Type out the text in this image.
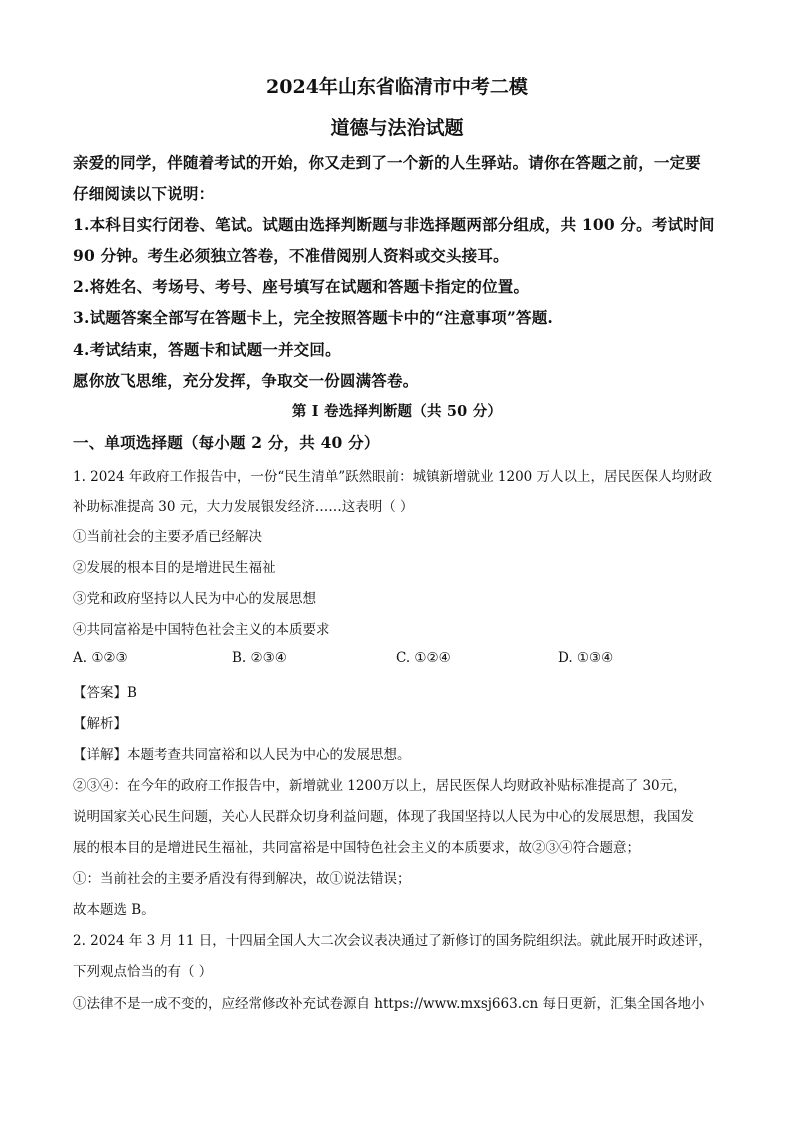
2024年山东省临清市中考二模
道德与法治试题
亲爱的同学，伴随着考试的开始，你又走到了一个新的人生驿站。请你在答题之前，一定要
仔细阅读以下说明：
1.本科目实行闭卷、笔试。试题由选择判断题与非选择题两部分组成，共 100 分。考试时间
90 分钟。考生必须独立答卷，不准借阅别人资料或交头接耳。
2.将姓名、考场号、考号、座号填写在试题和答题卡指定的位置。
3.试题答案全部写在答题卡上，完全按照答题卡中的“注意事项”答题.
4.考试结束，答题卡和试题一并交回。
愿你放飞思维，充分发挥，争取交一份圆满答卷。
第 I 卷选择判断题（共 50 分）
一、单项选择题（每小题 2 分，共 40 分）
1. 2024 年政府工作报告中，一份“民生清单”跃然眼前：城镇新增就业 1200 万人以上，居民医保人均财政
补助标准提高 30 元，大力发展银发经济……这表明（ ）
①当前社会的主要矛盾已经解决
②发展的根本目的是增进民生福祉
③党和政府坚持以人民为中心的发展思想
④共同富裕是中国特色社会主义的本质要求
A. ①②③	B. ②③④	C. ①②④	D. ①③④
【答案】B
【解析】
【详解】本题考查共同富裕和以人民为中心的发展思想。
②③④：在今年的政府工作报告中，新增就业 1200万以上，居民医保人均财政补贴标准提高了 30元，
说明国家关心民生问题，关心人民群众切身利益问题，体现了我国坚持以人民为中心的发展思想，我国发
展的根本目的是增进民生福祉，共同富裕是中国特色社会主义的本质要求，故②③④符合题意；
①：当前社会的主要矛盾没有得到解决，故①说法错误；
故本题选 B。
2. 2024 年 3 月 11 日，十四届全国人大二次会议表决通过了新修订的国务院组织法。就此展开时政述评，
下列观点恰当的有（ ）
①法律不是一成不变的，应经常修改补充试卷源自 https://www.mxsj663.cn 每日更新，汇集全国各地小
